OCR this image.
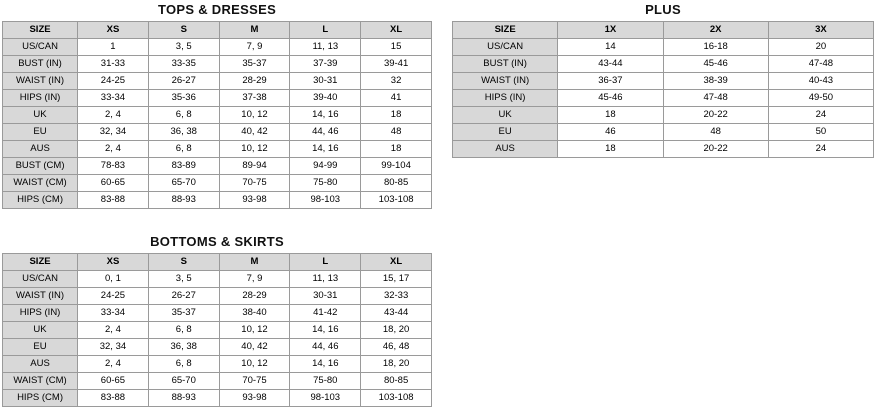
TOPS & DRESSES
SIZE	XS	S	M	L	XL
US/CAN	1	3, 5	7, 9	11, 13	15
BUST (IN)	31-33	33-35	35-37	37-39	39-41
WAIST (IN)	24-25	26-27	28-29	30-31	32
HIPS (IN)	33-34	35-36	37-38	39-40	41
UK	2, 4	6, 8	10, 12	14, 16	18
EU	32, 34	36, 38	40, 42	44, 46	48
AUS	2, 4	6, 8	10, 12	14, 16	18
BUST (CM)	78-83	83-89	89-94	94-99	99-104
WAIST (CM)	60-65	65-70	70-75	75-80	80-85
HIPS (CM)	83-88	88-93	93-98	98-103	103-108
PLUS
SIZE	1X	2X	3X
US/CAN	14	16-18	20
BUST (IN)	43-44	45-46	47-48
WAIST (IN)	36-37	38-39	40-43
HIPS (IN)	45-46	47-48	49-50
UK	18	20-22	24
EU	46	48	50
AUS	18	20-22	24
BOTTOMS & SKIRTS
SIZE	XS	S	M	L	XL
US/CAN	0, 1	3, 5	7, 9	11, 13	15, 17
WAIST (IN)	24-25	26-27	28-29	30-31	32-33
HIPS (IN)	33-34	35-37	38-40	41-42	43-44
UK	2, 4	6, 8	10, 12	14, 16	18, 20
EU	32, 34	36, 38	40, 42	44, 46	46, 48
AUS	2, 4	6, 8	10, 12	14, 16	18, 20
WAIST (CM)	60-65	65-70	70-75	75-80	80-85
HIPS (CM)	83-88	88-93	93-98	98-103	103-108
